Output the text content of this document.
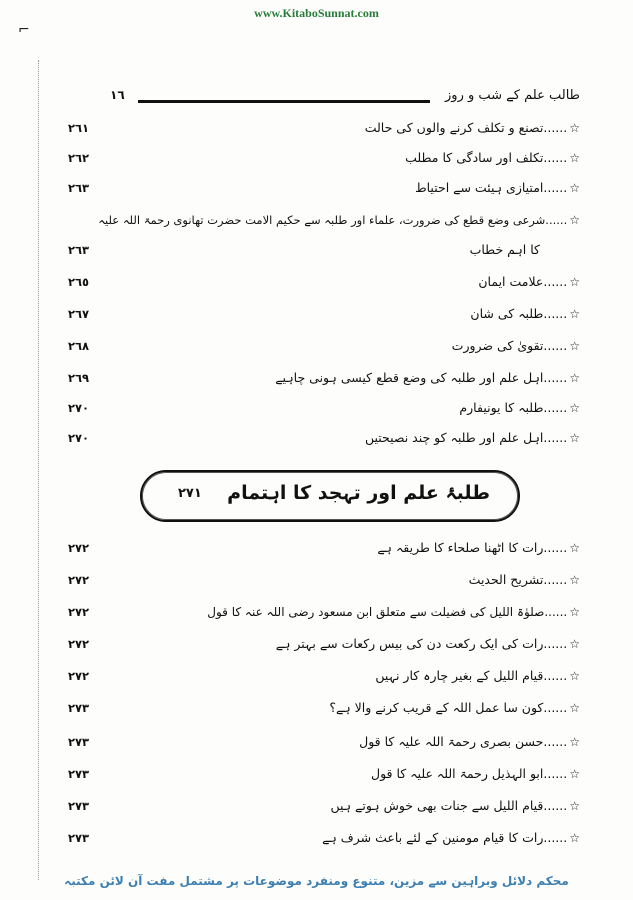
www.KitaboSunnat.com
⌐
١٦	طالب علم کے شب و روز
٢٦١	☆......تصنع و تکلف کرنے والوں کی حالت
٢٦٢	☆......تکلف اور سادگی کا مطلب
٢٦٣	☆......امتیازی ہیئت سے احتیاط
☆......شرعی وضع قطع کی ضرورت، علماء اور طلبہ سے حکیم الامت حضرت تھانوی رحمۃ اللہ علیہ
٢٦٣	کا اہم خطاب
٢٦٥	☆......علامت ایمان
٢٦٧	☆......طلبہ کی شان
٢٦٨	☆......تقویٰ کی ضرورت
٢٦٩	☆......اہل علم اور طلبہ کی وضع قطع کیسی ہونی چاہیے
٢٧٠	☆......طلبہ کا یونیفارم
٢٧٠	☆......اہل علم اور طلبہ کو چند نصیحتیں
٢٧١ طلبۂ علم اور تہجد کا اہتمام
٢٧٢	☆......رات کا اٹھنا صلحاء کا طریقہ ہے
٢٧٢	☆......تشریح الحدیث
٢٧٢	☆......صلوٰۃ اللیل کی فضیلت سے متعلق ابن مسعود رضی اللہ عنہ کا قول
٢٧٢	☆......رات کی ایک رکعت دن کی بیس رکعات سے بہتر ہے
٢٧٢	☆......قیام اللیل کے بغیر چارہ کار نہیں
٢٧٣	☆......کون سا عمل اللہ کے قریب کرنے والا ہے؟
٢٧٣	☆......حسن بصری رحمۃ اللہ علیہ کا قول
٢٧٣	☆......ابو الہذیل رحمۃ اللہ علیہ کا قول
٢٧٣	☆......قیام اللیل سے جنات بھی خوش ہوتے ہیں
٢٧٣	☆......رات کا قیام مومنین کے لئے باعث شرف ہے
محکم دلائل وبراہین سے مزین، متنوع ومنفرد موضوعات پر مشتمل مفت آن لائن مکتبہ
